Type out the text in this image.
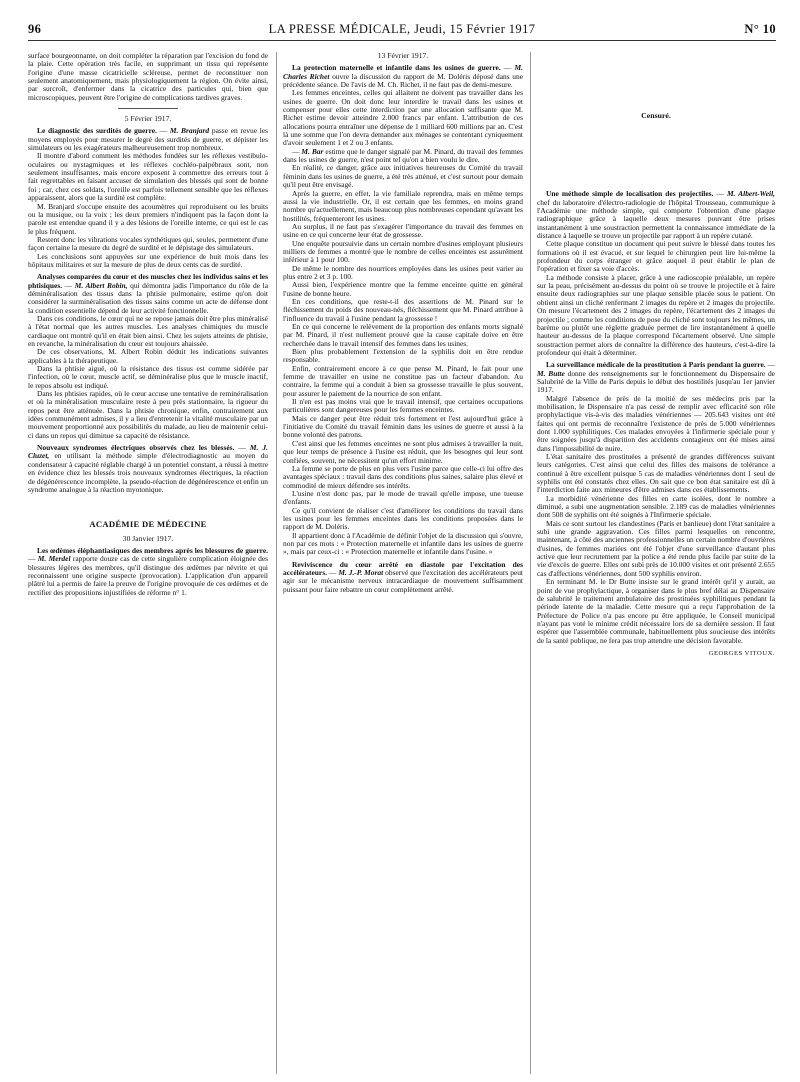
96	LA PRESSE MÉDICALE, Jeudi, 15 Février 1917	N° 10

surface bourgeonnante, on doit compléter la réparation par l'excision du fond de la plaie. Cette opération très facile, en supprimant un tissu qui représente l'origine d'une masse cicatricielle scléreuse, permet de reconstituer non seulement anatomiquement, mais physiologiquement la région. On évite ainsi, par surcroît, d'enfermer dans la cicatrice des particules qui, bien que microscopiques, peuvent être l'origine de complications tardives graves.

5 Février 1917.

Le diagnostic des surdités de guerre. — M. Branjard passe en revue les moyens employés pour mesurer le degré des surdités de guerre, et dépister les simulateurs ou les exagérateurs malheureusement trop nombreux.

Il montre d'abord comment les méthodes fondées sur les réflexes vestibulo-oculaires ou nystagmiques et les réflexes cochléo-palpébraux sont, non seulement insuffisantes, mais encore exposent à commettre des erreurs tout à fait regrettables en faisant accuser de simulation des blessés qui sont de bonne foi ; car, chez ces soldats, l'oreille est parfois tellement sensible que les réflexes apparaissent, alors que la surdité est complète.

M. Branjard s'occupe ensuite des acoumètres qui reproduisent ou les bruits ou la musique, ou la voix ; les deux premiers n'indiquent pas la façon dont la parole est entendue quand il y a des lésions de l'oreille interne, ce qui est le cas le plus fréquent.

Restent donc les vibrations vocales synthétiques qui, seules, permettent d'une façon certaine la mesure du degré de surdité et le dépistage des simulateurs.

Les conclusions sont appuyées sur une expérience de huit mois dans les hôpitaux militaires et sur la mesure de plus de deux cents cas de surdité.

Analyses comparées du cœur et des muscles chez les individus sains et les phtisiques. — M. Albert Robin, qui démontra jadis l'importance du rôle de la déminéralisation des tissus dans la phtisie pulmonaire, estime qu'on doit considérer la surminéralisation des tissus sains comme un acte de défense dont la condition essentielle dépend de leur activité fonctionnelle.

Dans ces conditions, le cœur qui ne se repose jamais doit être plus minéralisé à l'état normal que les autres muscles. Les analyses chimiques du muscle cardiaque ont montré qu'il en était bien ainsi. Chez les sujets atteints de phtisie, en revanche, la minéralisation du cœur est toujours abaissée.

De ces observations, M. Albert Robin déduit les indications suivantes applicables à la thérapeutique.

Dans la phtisie aiguë, où la résistance des tissus est comme sidérée par l'infection, où le cœur, muscle actif, se déminéralise plus que le muscle inactif, le repos absolu est indiqué.

Dans les phtisies rapides, où le cœur accuse une tentative de reminéralisation et où la minéralisation musculaire reste à peu près stationnaire, la rigueur du repos peut être atténuée. Dans la phtisie chronique, enfin, contrairement aux idées communément admises, il y a lieu d'entretenir la vitalité musculaire par un mouvement proportionné aux possibilités du malade, au lieu de maintenir celui-ci dans un repos qui diminue sa capacité de résistance.

Nouveaux syndromes électriques observés chez les blessés. — M. J. Cluzet, en utilisant la méthode simple d'électrodiagnostic au moyen du condensateur à capacité réglable chargé à un potentiel constant, a réussi à mettre en évidence chez les blessés trois nouveaux syndromes électriques, la réaction de dégénérescence incomplète, la pseudo-réaction de dégénérescence et enfin un syndrome analogue à la réaction myotonique.

ACADÉMIE DE MÉDECINE
30 Janvier 1917.

Les œdèmes éléphantiasiques des membres après les blessures de guerre. — M. Merdel rapporte douze cas de cette singulière complication éloignée des blessures légères des membres, qu'il distingue des œdèmes par névrite et qui reconnaissent une origine suspecte (provocation). L'application d'un appareil plâtré lui a permis de faire la preuve de l'origine provoquée de ces œdèmes et de rectifier des propositions injustifiées de réforme n° 1.

13 Février 1917.

La protection maternelle et infantile dans les usines de guerre. — M. Charles Richet ouvre la discussion du rapport de M. Doléris déposé dans une précédente séance. De l'avis de M. Ch. Richet, il ne faut pas de demi-mesure.

Les femmes enceintes, celles qui allaitent ne doivent pas travailler dans les usines de guerre. On doit donc leur interdire le travail dans les usines et compenser pour elles cette interdiction par une allocation suffisante que M. Richet estime devoir atteindre 2.000 francs par enfant. L'attribution de ces allocations pourra entraîner une dépense de 1 milliard 600 millions par an. C'est là une somme que l'on devra demander aux ménages se contentant cyniquement d'avoir seulement 1 et 2 ou 3 enfants.

— M. Bar estime que le danger signalé par M. Pinard, du travail des femmes dans les usines de guerre, n'est point tel qu'on a bien voulu le dire.

En réalité, ce danger, grâce aux initiatives heureuses du Comité du travail féminin dans les usines de guerre, a été très atténué, et c'est surtout pour demain qu'il peut être envisagé.

Après la guerre, en effet, la vie familiale reprendra, mais en même temps aussi la vie industrielle. Or, il est certain que les femmes, en moins grand nombre qu'actuellement, mais beaucoup plus nombreuses cependant qu'avant les hostilités, fréquenteront les usines.

Au surplus, il ne faut pas s'exagérer l'importance du travail des femmes en usine en ce qui concerne leur état de grossesse.

Une enquête poursuivie dans un certain nombre d'usines employant plusieurs milliers de femmes a montré que le nombre de celles enceintes est assurément inférieur à 1 pour 100.

De même le nombre des nourrices employées dans les usines peut varier au plus entre 2 et 3 p. 100.

Aussi bien, l'expérience montre que la femme enceinte quitte en général l'usine de bonne heure.

En ces conditions, que reste-t-il des assertions de M. Pinard sur le fléchissement du poids des nouveau-nés, fléchissement que M. Pinard attribue à l'influence du travail à l'usine pendant la grossesse !

En ce qui concerne le relèvement de la proportion des enfants morts signalé par M. Pinard, il n'est nullement prouvé que la cause capitale doive en être recherchée dans le travail intensif des femmes dans les usines.

Bien plus probablement l'extension de la syphilis doit en être rendue responsable.

Enfin, contrairement encore à ce que pense M. Pinard, le fait pour une femme de travailler en usine ne constitue pas un facteur d'abandon. Au contraire, la femme qui a conduit à bien sa grossesse travaille le plus souvent, pour assurer le paiement de la nourrice de son enfant.

Il n'en est pas moins vrai que le travail intensif, que certaines occupations particulières sont dangereuses pour les femmes enceintes.

Mais ce danger peut être réduit très fortement et l'est aujourd'hui grâce à l'initiative du Comité du travail féminin dans les usines de guerre et aussi à la bonne volonté des patrons.

C'est ainsi que les femmes enceintes ne sont plus admises à travailler la nuit, que leur temps de présence à l'usine est réduit, que les besognes qui leur sont confiées, souvent, ne nécessitent qu'un effort minime.

La femme se porte de plus en plus vers l'usine parce que celle-ci lui offre des avantages spéciaux : travail dans des conditions plus saines, salaire plus élevé et commodité de mieux défendre ses intérêts.

L'usine n'est donc pas, par le mode de travail qu'elle impose, une tueuse d'enfants.

Ce qu'il convient de réaliser c'est d'améliorer les conditions du travail dans les usines pour les femmes enceintes dans les conditions proposées dans le rapport de M. Doléris.

Il appartient donc à l'Académie de définir l'objet de la discussion qui s'ouvre, non par ces mots : « Protection maternelle et infantile dans les usines de guerre », mais par ceux-ci : « Protection maternelle et infantile dans l'usine. »

Reviviscence du cœur arrêté en diastole par l'excitation des accélérateurs. — M. J.-P. Morat observé que l'excitation des accélérateurs peut agir sur le mécanisme nerveux intracardiaque de mouvement suffisamment puissant pour faire rebattre un cœur complètement arrêté.

Censuré.

Une méthode simple de localisation des projectiles. — M. Albert-Weil, chef du laboratoire d'électro-radiologie de l'hôpital Trousseau, communique à l'Académie une méthode simple, qui comporte l'obtention d'une plaque radiographique grâce à laquelle deux mesures pouvant être prises instantanément à une soustraction permettent la connaissance immédiate de la distance à laquelle se trouve un projectile par rapport à un repère cutané.

Cette plaque constitue un document qui peut suivre le blessé dans toutes les formations où il est évacué, et sur lequel le chirurgien peut lire lui-même la profondeur du corps étranger et grâce auquel il peut établir le plan de l'opération et fixer sa voie d'accès.

La méthode consiste à placer, grâce à une radioscopie préalable, un repère sur la peau, précisément au-dessus du point où se trouve le projectile et à faire ensuite deux radiographies sur une plaque sensible placée sous le patient. On obtient ainsi un cliché renfermant 2 images du repère et 2 images du projectile. On mesure l'écartement des 2 images du repère, l'écartement des 2 images du projectile ; comme les conditions de pose du cliché sont toujours les mêmes, un barème ou plutôt une réglette graduée permet de lire instantanément à quelle hauteur au-dessus de la plaque correspond l'écartement observé. Une simple soustraction permet alors de connaître la différence des hauteurs, c'est-à-dire la profondeur qui était à déterminer.

La surveillance médicale de la prostitution à Paris pendant la guerre. — M. Butte donne des renseignements sur le fonctionnement du Dispensaire de Salubrité de la Ville de Paris depuis le début des hostilités jusqu'au 1er janvier 1917.

Malgré l'absence de près de la moitié de ses médecins pris par la mobilisation, le Dispensaire n'a pas cessé de remplir avec efficacité son rôle prophylactique vis-à-vis des maladies vénériennes — 205.643 visites ont été faites qui ont permis de reconnaître l'existence de près de 5.000 vénériennes dont 1.000 syphilitiques. Ces malades envoyées à l'infirmerie spéciale pour y être soignées jusqu'à disparition des accidents contagieux ont été mises ainsi dans l'impossibilité de nuire.

L'état sanitaire des prostituées a présenté de grandes différences suivant leurs catégories. C'est ainsi que celui des filles des maisons de tolérance a continué à être excellent puisque 5 cas de maladies vénériennes dont 1 seul de syphilis ont été constatés chez elles. On sait que ce bon état sanitaire est dû à l'interdiction faite aux mineures d'être admises dans ces établissements.

La morbidité vénérienne des filles en carte isolées, dont le nombre a diminué, a subi une augmentation sensible. 2.189 cas de maladies vénériennes dont 508 de syphilis ont été soignés à l'Infirmerie spéciale.

Mais ce sont surtout les clandestines (Paris et banlieue) dont l'état sanitaire a subi une grande aggravation. Ces filles parmi lesquelles on rencontre, maintenant, à côté des anciennes professionnelles un certain nombre d'ouvrières d'usines, de femmes mariées ont été l'objet d'une surveillance d'autant plus active que leur recrutement par la police a été rendu plus facile par suite de la vie d'excès de guerre. Elles ont subi près de 10.000 visites et ont présenté 2.655 cas d'affections vénériennes, dont 500 syphilis environ.

En terminant M. le Dr Butte insiste sur le grand intérêt qu'il y aurait, au point de vue prophylactique, à organiser dans le plus bref délai au Dispensaire de salubrité le traitement ambulatoire des prostituées syphilitiques pendant la période latente de la maladie. Cette mesure qui a reçu l'approbation de la Préfecture de Police n'a pas encore pu être appliquée, le Conseil municipal n'ayant pas voté le minime crédit nécessaire lors de sa dernière session. Il faut espérer que l'assemblée communale, habituellement plus soucieuse des intérêts de la santé publique, ne fera pas trop attendre une décision favorable.

GEORGES VITOUX.
